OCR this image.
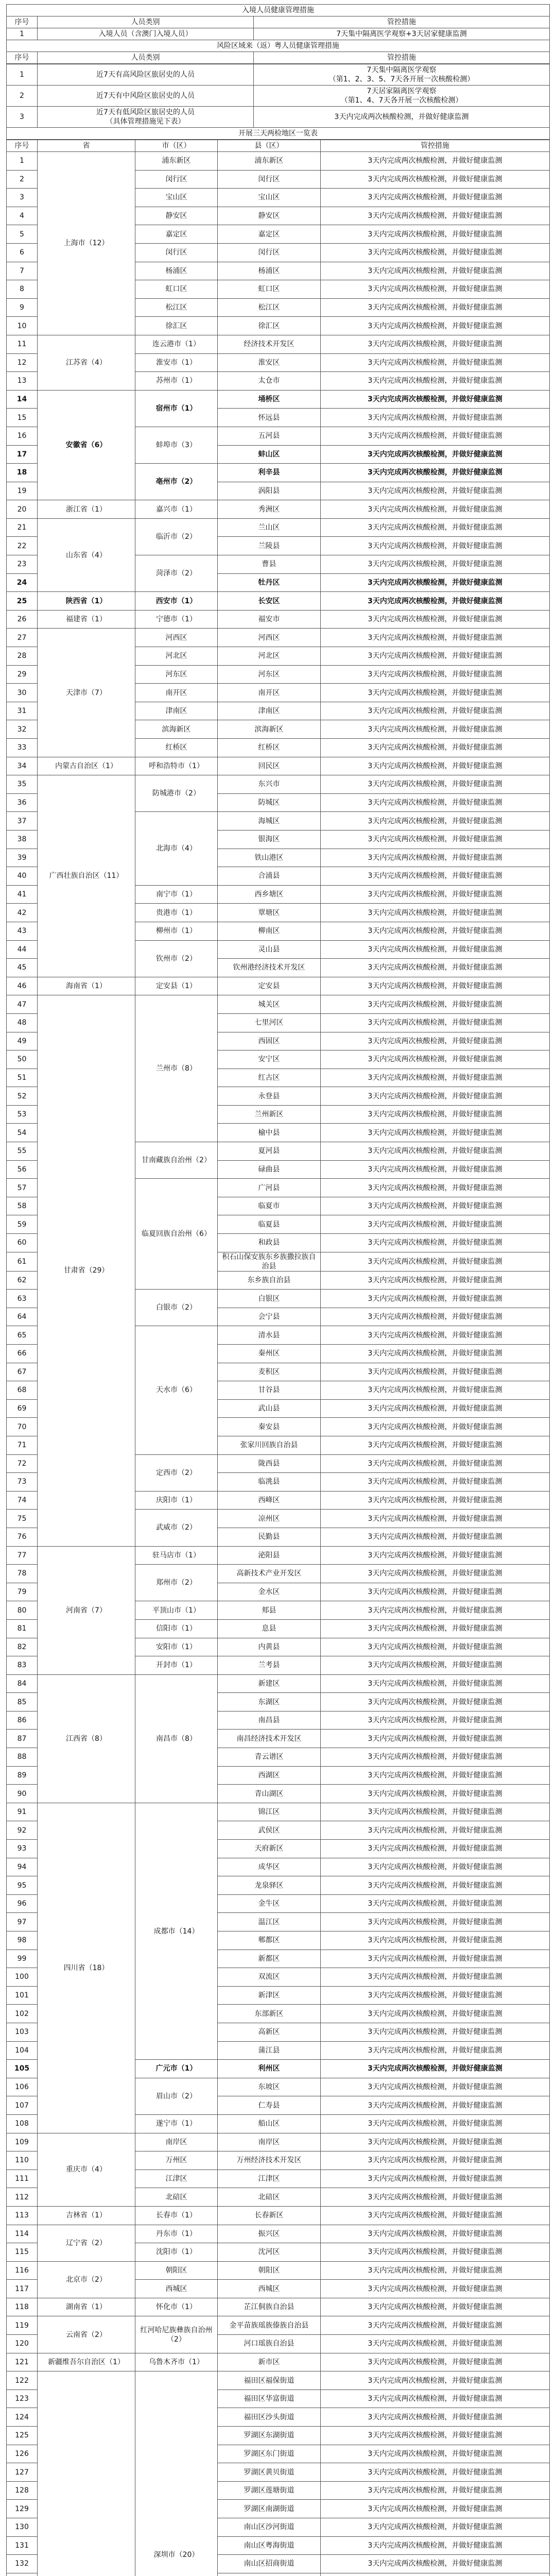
入境人员健康管理措施		
序号	人员类别	管控措施
1	入境人员（含澳门入境人员）	7天集中隔离医学观察+3天居家健康监测
风险区域来（返）粤人员健康管理措施		
序号	人员类别	管控措施
1	近7天有高风险区旅居史的人员	7天集中隔离医学观察
（第1、2、3、5、7天各开展一次核酸检测）
2	近7天有中风险区旅居史的人员	7天居家隔离医学观察
（第1、4、7天各开展一次核酸检测）
3	近7天有低风险区旅居史的人员
（具体管理措施见下表）	3天内完成两次核酸检测，并做好健康监测
开展三天两检地区一览表		
序号	省	市（区）	县（区）	管控措施
1	上海市（12）	浦东新区	浦东新区	3天内完成两次核酸检测，并做好健康监测
2		闵行区	闵行区	3天内完成两次核酸检测，并做好健康监测
3		宝山区	宝山区	3天内完成两次核酸检测，并做好健康监测
4		静安区	静安区	3天内完成两次核酸检测，并做好健康监测
5		嘉定区	嘉定区	3天内完成两次核酸检测，并做好健康监测
6		闵行区	闵行区	3天内完成两次核酸检测，并做好健康监测
7		杨浦区	杨浦区	3天内完成两次核酸检测，并做好健康监测
8		虹口区	虹口区	3天内完成两次核酸检测，并做好健康监测
9		松江区	松江区	3天内完成两次核酸检测，并做好健康监测
10		徐汇区	徐汇区	3天内完成两次核酸检测，并做好健康监测
11	江苏省（4）	连云港市（1）	经济技术开发区	3天内完成两次核酸检测，并做好健康监测
12		淮安市（1）	淮安区	3天内完成两次核酸检测，并做好健康监测
13		苏州市（1）	太仓市	3天内完成两次核酸检测，并做好健康监测
14	安徽省（6）	宿州市（1）	埇桥区	3天内完成两次核酸检测，并做好健康监测
15			怀远县	3天内完成两次核酸检测，并做好健康监测
16		蚌埠市（3）	五河县	3天内完成两次核酸检测，并做好健康监测
17			蚌山区	3天内完成两次核酸检测，并做好健康监测
18		亳州市（2）	利辛县	3天内完成两次核酸检测，并做好健康监测
19			涡阳县	3天内完成两次核酸检测，并做好健康监测
20	浙江省（1）	嘉兴市（1）	秀洲区	3天内完成两次核酸检测，并做好健康监测
21	山东省（4）	临沂市（2）	兰山区	3天内完成两次核酸检测，并做好健康监测
22			兰陵县	3天内完成两次核酸检测，并做好健康监测
23		菏泽市（2）	曹县	3天内完成两次核酸检测，并做好健康监测
24			牡丹区	3天内完成两次核酸检测，并做好健康监测
25	陕西省（1）	西安市（1）	长安区	3天内完成两次核酸检测，并做好健康监测
26	福建省（1）	宁德市（1）	福安市	3天内完成两次核酸检测，并做好健康监测
27	天津市（7）	河西区	河西区	3天内完成两次核酸检测，并做好健康监测
28		河北区	河北区	3天内完成两次核酸检测，并做好健康监测
29		河东区	河东区	3天内完成两次核酸检测，并做好健康监测
30		南开区	南开区	3天内完成两次核酸检测，并做好健康监测
31		津南区	津南区	3天内完成两次核酸检测，并做好健康监测
32		滨海新区	滨海新区	3天内完成两次核酸检测，并做好健康监测
33		红桥区	红桥区	3天内完成两次核酸检测，并做好健康监测
34	内蒙古自治区（1）	呼和浩特市（1）	回民区	3天内完成两次核酸检测，并做好健康监测
35	广西壮族自治区（11）	防城港市（2）	东兴市	3天内完成两次核酸检测，并做好健康监测
36			防城区	3天内完成两次核酸检测，并做好健康监测
37		北海市（4）	海城区	3天内完成两次核酸检测，并做好健康监测
38			银海区	3天内完成两次核酸检测，并做好健康监测
39			铁山港区	3天内完成两次核酸检测，并做好健康监测
40			合浦县	3天内完成两次核酸检测，并做好健康监测
41		南宁市（1）	西乡塘区	3天内完成两次核酸检测，并做好健康监测
42		贵港市（1）	覃塘区	3天内完成两次核酸检测，并做好健康监测
43		柳州市（1）	柳南区	3天内完成两次核酸检测，并做好健康监测
44		钦州市（2）	灵山县	3天内完成两次核酸检测，并做好健康监测
45			钦州港经济技术开发区	3天内完成两次核酸检测，并做好健康监测
46	海南省（1）	定安县（1）	定安县	3天内完成两次核酸检测，并做好健康监测
47	甘肃省（29）	兰州市（8）	城关区	3天内完成两次核酸检测，并做好健康监测
48			七里河区	3天内完成两次核酸检测，并做好健康监测
49			西固区	3天内完成两次核酸检测，并做好健康监测
50			安宁区	3天内完成两次核酸检测，并做好健康监测
51			红古区	3天内完成两次核酸检测，并做好健康监测
52			永登县	3天内完成两次核酸检测，并做好健康监测
53			兰州新区	3天内完成两次核酸检测，并做好健康监测
54			榆中县	3天内完成两次核酸检测，并做好健康监测
55		甘南藏族自治州（2）	夏河县	3天内完成两次核酸检测，并做好健康监测
56			碌曲县	3天内完成两次核酸检测，并做好健康监测
57		临夏回族自治州（6）	广河县	3天内完成两次核酸检测，并做好健康监测
58			临夏市	3天内完成两次核酸检测，并做好健康监测
59			临夏县	3天内完成两次核酸检测，并做好健康监测
60			和政县	3天内完成两次核酸检测，并做好健康监测
61			积石山保安族东乡族撒拉族自治县	3天内完成两次核酸检测，并做好健康监测
62			东乡族自治县	3天内完成两次核酸检测，并做好健康监测
63		白银市（2）	白银区	3天内完成两次核酸检测，并做好健康监测
64			会宁县	3天内完成两次核酸检测，并做好健康监测
65		天水市（6）	清水县	3天内完成两次核酸检测，并做好健康监测
66			秦州区	3天内完成两次核酸检测，并做好健康监测
67			麦积区	3天内完成两次核酸检测，并做好健康监测
68			甘谷县	3天内完成两次核酸检测，并做好健康监测
69			武山县	3天内完成两次核酸检测，并做好健康监测
70			秦安县	3天内完成两次核酸检测，并做好健康监测
71			张家川回族自治县	3天内完成两次核酸检测，并做好健康监测
72		定西市（2）	陇西县	3天内完成两次核酸检测，并做好健康监测
73			临洮县	3天内完成两次核酸检测，并做好健康监测
74		庆阳市（1）	西峰区	3天内完成两次核酸检测，并做好健康监测
75		武威市（2）	凉州区	3天内完成两次核酸检测，并做好健康监测
76			民勤县	3天内完成两次核酸检测，并做好健康监测
77	河南省（7）	驻马店市（1）	泌阳县	3天内完成两次核酸检测，并做好健康监测
78		郑州市（2）	高新技术产业开发区	3天内完成两次核酸检测，并做好健康监测
79			金水区	3天内完成两次核酸检测，并做好健康监测
80		平顶山市（1）	郏县	3天内完成两次核酸检测，并做好健康监测
81		信阳市（1）	息县	3天内完成两次核酸检测，并做好健康监测
82		安阳市（1）	内黄县	3天内完成两次核酸检测，并做好健康监测
83		开封市（1）	兰考县	3天内完成两次核酸检测，并做好健康监测
84	江西省（8）	南昌市（8）	新建区	3天内完成两次核酸检测，并做好健康监测
85			东湖区	3天内完成两次核酸检测，并做好健康监测
86			南昌县	3天内完成两次核酸检测，并做好健康监测
87			南昌经济技术开发区	3天内完成两次核酸检测，并做好健康监测
88			青云谱区	3天内完成两次核酸检测，并做好健康监测
89			西湖区	3天内完成两次核酸检测，并做好健康监测
90			青山湖区	3天内完成两次核酸检测，并做好健康监测
91	四川省（18）	成都市（14）	锦江区	3天内完成两次核酸检测，并做好健康监测
92			武侯区	3天内完成两次核酸检测，并做好健康监测
93			天府新区	3天内完成两次核酸检测，并做好健康监测
94			成华区	3天内完成两次核酸检测，并做好健康监测
95			龙泉驿区	3天内完成两次核酸检测，并做好健康监测
96			金牛区	3天内完成两次核酸检测，并做好健康监测
97			温江区	3天内完成两次核酸检测，并做好健康监测
98			郫都区	3天内完成两次核酸检测，并做好健康监测
99			新都区	3天内完成两次核酸检测，并做好健康监测
100			双流区	3天内完成两次核酸检测，并做好健康监测
101			新津区	3天内完成两次核酸检测，并做好健康监测
102			东部新区	3天内完成两次核酸检测，并做好健康监测
103			高新区	3天内完成两次核酸检测，并做好健康监测
104			蒲江县	3天内完成两次核酸检测，并做好健康监测
105		广元市（1）	利州区	3天内完成两次核酸检测，并做好健康监测
106		眉山市（2）	东坡区	3天内完成两次核酸检测，并做好健康监测
107			仁寿县	3天内完成两次核酸检测，并做好健康监测
108		遂宁市（1）	船山区	3天内完成两次核酸检测，并做好健康监测
109	重庆市（4）	南岸区	南岸区	3天内完成两次核酸检测，并做好健康监测
110		万州区	万州经济技术开发区	3天内完成两次核酸检测，并做好健康监测
111		江津区	江津区	3天内完成两次核酸检测，并做好健康监测
112		北碚区	北碚区	3天内完成两次核酸检测，并做好健康监测
113	吉林省（1）	长春市（1）	长春新区	3天内完成两次核酸检测，并做好健康监测
114	辽宁省（2）	丹东市（1）	振兴区	3天内完成两次核酸检测，并做好健康监测
115		沈阳市（1）	沈河区	3天内完成两次核酸检测，并做好健康监测
116	北京市（2）	朝阳区	朝阳区	3天内完成两次核酸检测，并做好健康监测
117		西城区	西城区	3天内完成两次核酸检测，并做好健康监测
118	湖南省（1）	怀化市（1）	芷江侗族自治县	3天内完成两次核酸检测，并做好健康监测
119	云南省（2）	红河哈尼族彝族自治州（2）	金平苗族瑶族傣族自治县	3天内完成两次核酸检测，并做好健康监测
120			河口瑶族自治县	3天内完成两次核酸检测，并做好健康监测
121	新疆维吾尔自治区（1）	乌鲁木齐市（1）	新市区	3天内完成两次核酸检测，并做好健康监测
122		深圳市（20）	福田区福保街道	3天内完成两次核酸检测，并做好健康监测
123			福田区华富街道	3天内完成两次核酸检测，并做好健康监测
124			福田区沙头街道	3天内完成两次核酸检测，并做好健康监测
125			罗湖区东湖街道	3天内完成两次核酸检测，并做好健康监测
126			罗湖区东门街道	3天内完成两次核酸检测，并做好健康监测
127			罗湖区黄贝街道	3天内完成两次核酸检测，并做好健康监测
128			罗湖区莲塘街道	3天内完成两次核酸检测，并做好健康监测
129			罗湖区南湖街道	3天内完成两次核酸检测，并做好健康监测
130			南山区沙河街道	3天内完成两次核酸检测，并做好健康监测
131			南山区粤海街道	3天内完成两次核酸检测，并做好健康监测
132			南山区招商街道	3天内完成两次核酸检测，并做好健康监测
